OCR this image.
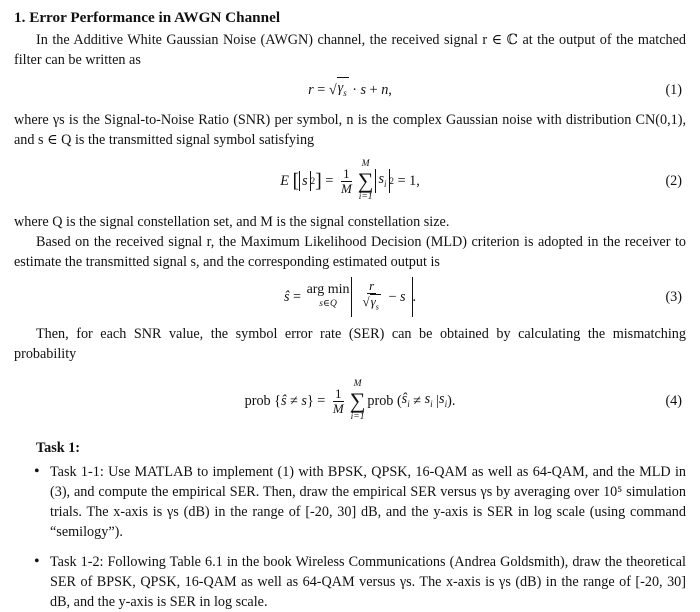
1. Error Performance in AWGN Channel

In the Additive White Gaussian Noise (AWGN) channel, the received signal r ∈ ℂ at the output of the matched filter can be written as

r = √ $\gamma_s \cdot s + n$ ,	(1)

where γs is the Signal-to-Noise Ratio (SNR) per symbol, n is the complex Gaussian noise with distribution CN(0,1), and s ∈ Q is the transmitted signal symbol satisfying

E
[ s 2 ] = $\frac{1}{M}$
M
∑
i=1
$s_i$ 2 = 1,	(2)

where Q is the signal constellation set, and M is the signal constellation size.

Based on the received signal r, the Maximum Likelihood Decision (MLD) criterion is adopted in the receiver to estimate the transmitted signal s, and the corresponding estimated output is

ŝ = arg min
s∈Q $\frac{r}{√\gamma_s} - s$ .	(3)

Then, for each SNR value, the symbol error rate (SER) can be obtained by calculating the mismatching probability

prob { ŝ ≠ s } = $\frac{1}{M}$
M
∑
i=1
prob ( $ŝ_i \ne s_i$ | $s_i$ ).	(4)
Task 1:
• Task 1-1: Use MATLAB to implement (1) with BPSK, QPSK, 16-QAM as well as 64-QAM, and the MLD in (3), and compute the empirical SER. Then, draw the empirical SER versus γs by averaging over 10⁵ simulation trials. The x-axis is γs (dB) in the range of [-20, 30] dB, and the y-axis is SER in log scale (using command “semilogy”).
• Task 1-2: Following Table 6.1 in the book Wireless Communications (Andrea Goldsmith), draw the theoretical SER of BPSK, QPSK, 16-QAM as well as 64-QAM versus γs. The x-axis is γs (dB) in the range of [-20, 30] dB, and the y-axis is SER in log scale.
